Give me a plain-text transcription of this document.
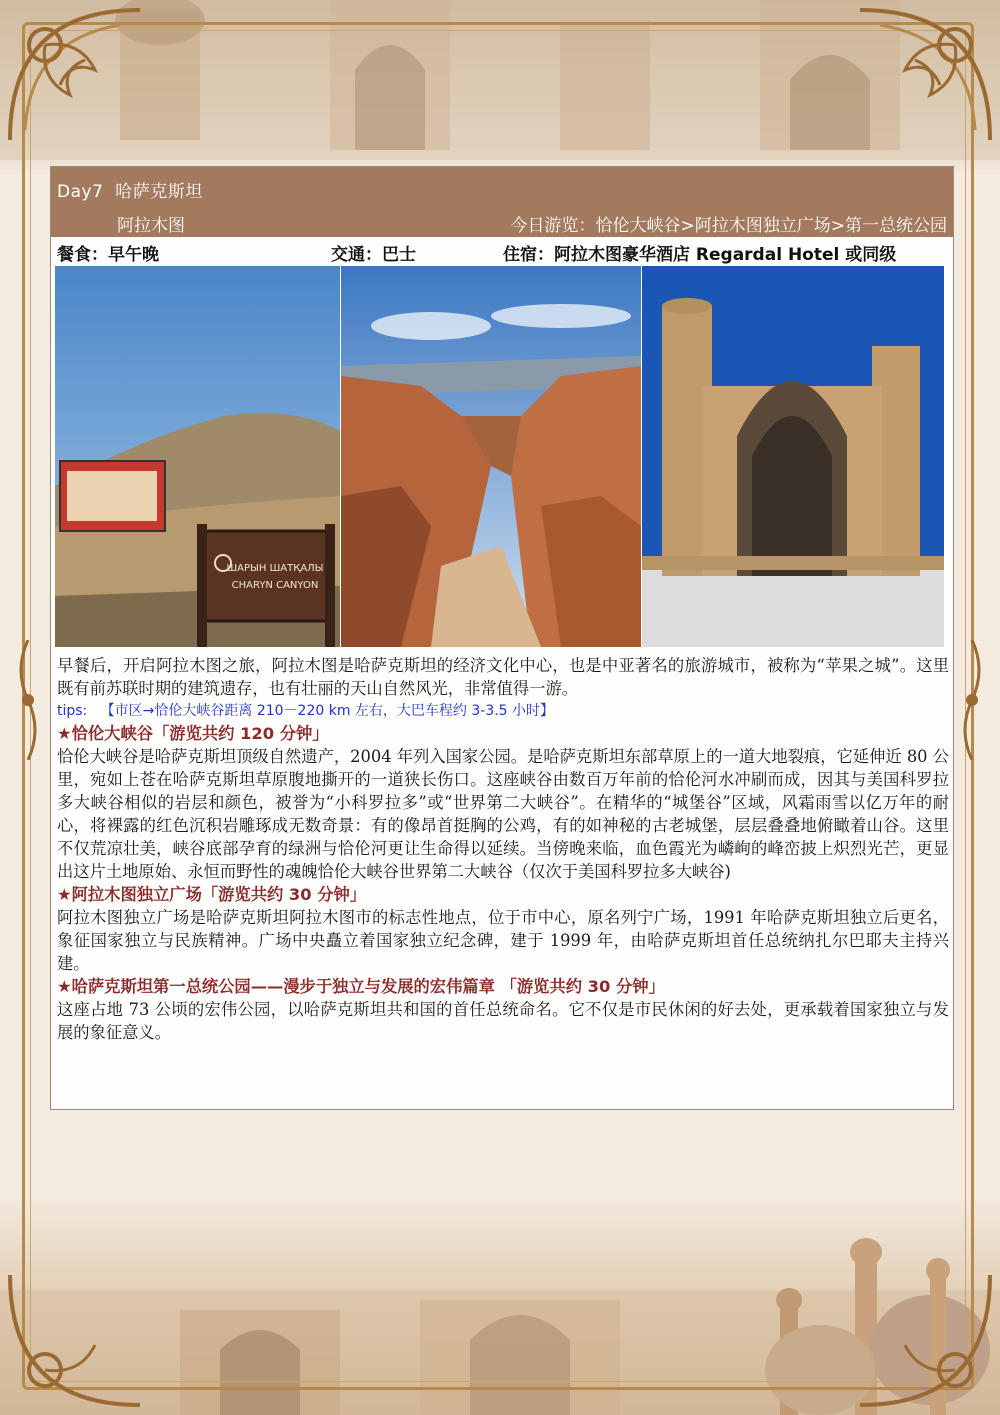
Day7 哈萨克斯坦
阿拉木图	今日游览：恰伦大峡谷>阿拉木图独立广场>第一总统公园
餐食：早午晚	交通：巴士	住宿：阿拉木图豪华酒店 Regardal Hotel 或同级
ШАРЫН ШАТҚАЛЫ
CHARYN CANYON

早餐后，开启阿拉木图之旅，阿拉木图是哈萨克斯坦的经济文化中心，也是中亚著名的旅游城市，被称为“苹果之城”。这里既有前苏联时期的建筑遗存，也有壮丽的天山自然风光，非常值得一游。

tips: 【市区→恰伦大峡谷距离 210－220 km 左右，大巴车程约 3-3.5 小时】

★恰伦大峡谷「游览共约 120 分钟」

恰伦大峡谷是哈萨克斯坦顶级自然遗产，2004 年列入国家公园。是哈萨克斯坦东部草原上的一道大地裂痕，它延伸近 80 公里，宛如上苍在哈萨克斯坦草原腹地撕开的一道狭长伤口。这座峡谷由数百万年前的恰伦河水冲刷而成，因其与美国科罗拉多大峡谷相似的岩层和颜色，被誉为“小科罗拉多”或“世界第二大峡谷”。在精华的“城堡谷”区域，风霜雨雪以亿万年的耐心，将裸露的红色沉积岩雕琢成无数奇景：有的像昂首挺胸的公鸡，有的如神秘的古老城堡，层层叠叠地俯瞰着山谷。这里不仅荒凉壮美，峡谷底部孕育的绿洲与恰伦河更让生命得以延续。当傍晚来临，血色霞光为嶙峋的峰峦披上炽烈光芒，更显出这片土地原始、永恒而野性的魂魄恰伦大峡谷世界第二大峡谷（仅次于美国科罗拉多大峡谷)

★阿拉木图独立广场「游览共约 30 分钟」

阿拉木图独立广场是哈萨克斯坦阿拉木图市的标志性地点，位于市中心，原名列宁广场，1991 年哈萨克斯坦独立后更名，象征国家独立与民族精神。广场中央矗立着国家独立纪念碑，建于 1999 年，由哈萨克斯坦首任总统纳扎尔巴耶夫主持兴建。

★哈萨克斯坦第一总统公园——漫步于独立与发展的宏伟篇章 「游览共约 30 分钟」

这座占地 73 公顷的宏伟公园，以哈萨克斯坦共和国的首任总统命名。它不仅是市民休闲的好去处，更承载着国家独立与发展的象征意义。
